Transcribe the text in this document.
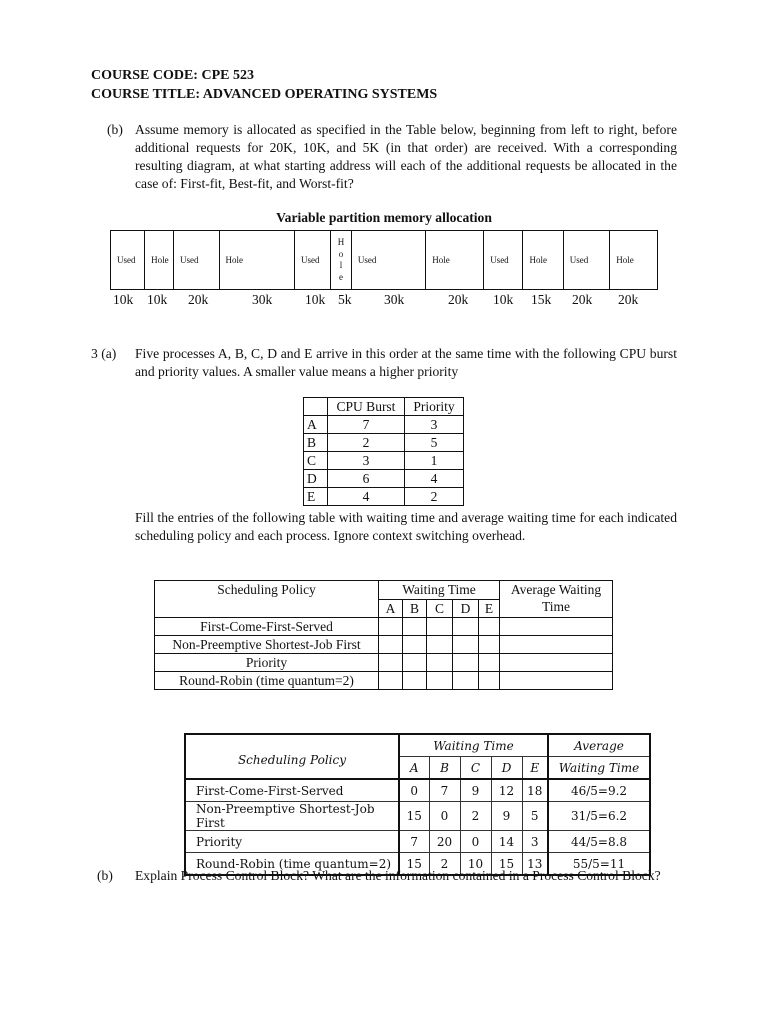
COURSE CODE: CPE 523
COURSE TITLE: ADVANCED OPERATING SYSTEMS
(b) Assume memory is allocated as specified in the Table below, beginning from left to right, before additional requests for 20K, 10K, and 5K (in that order) are received. With a corresponding resulting diagram, at what starting address will each of the additional requests be allocated in the case of: First-fit, Best-fit, and Worst-fit?
Variable partition memory allocation
Used	Hole	Used	Hole	Used	H
o
l
e	Used	Hole	Used	Hole	Used	Hole
10k 10k 20k	30k 10k 5k 30k	20k 10k 15k 20k 20k
3 (a) Five processes A, B, C, D and E arrive in this order at the same time with the following CPU burst and priority values. A smaller value means a higher priority
	CPU Burst	Priority
A	7	3
B	2	5
C	3	1
D	6	4
E	4	2
Fill the entries of the following table with waiting time and average waiting time for each indicated scheduling policy and each process. Ignore context switching overhead.
Scheduling Policy	Waiting Time					Average Waiting Time
	A	B	C	D	E	
First-Come-First-Served						
Non-Preemptive Shortest-Job First						
Priority						
Round-Robin (time quantum=2)						
Scheduling Policy	Waiting Time					Average
	A	B	C	D	E	Waiting Time
First-Come-First-Served	0	7	9	12	18	46/5=9.2
Non-Preemptive Shortest-Job First	15	0	2	9	5	31/5=6.2
Priority	7	20	0	14	3	44/5=8.8
Round-Robin (time quantum=2)	15	2	10	15	13	55/5=11
(b) Explain Process Control Block? What are the information contained in a Process Control Block?
